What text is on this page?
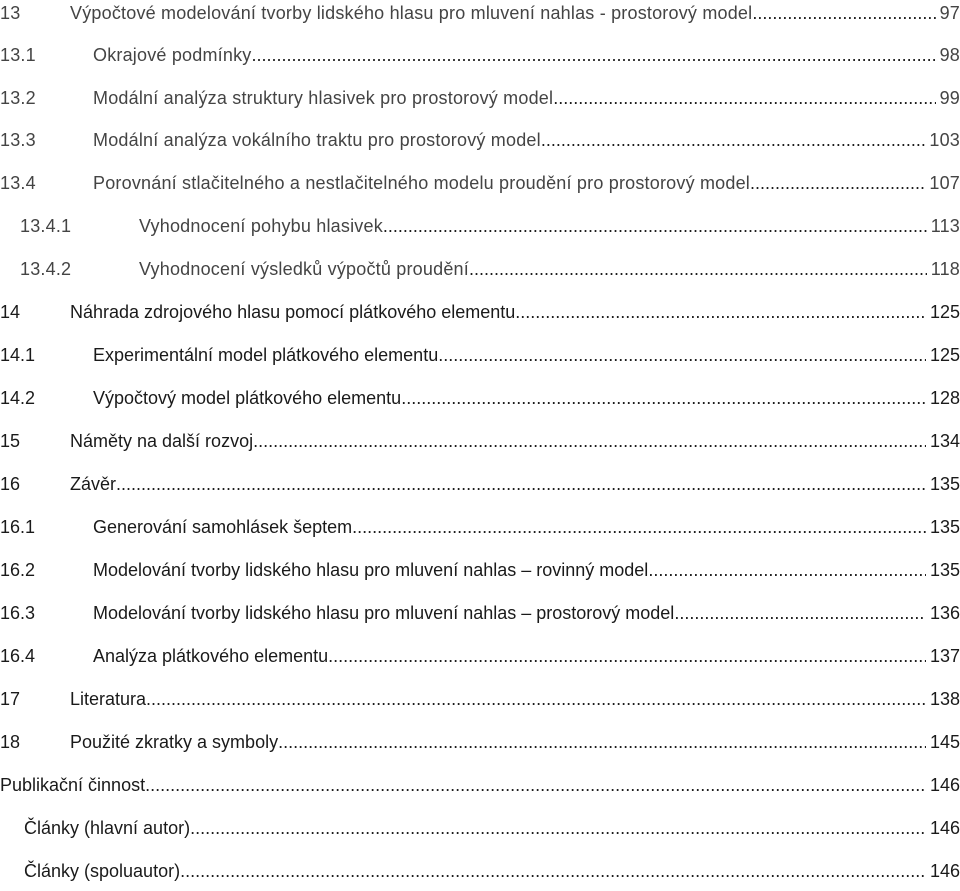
13	Výpočtové modelování tvorby lidského hlasu pro mluvení nahlas - prostorový model .....	97
13.1	Okrajové podmínky .....	98
13.2	Modální analýza struktury hlasivek pro prostorový model .....	99
13.3	Modální analýza vokálního traktu pro prostorový model .....	103
13.4	Porovnání stlačitelného a nestlačitelného modelu proudění pro prostorový model .....	107
13.4.1	Vyhodnocení pohybu hlasivek .....	113
13.4.2	Vyhodnocení výsledků výpočtů proudění .....	118
14	Náhrada zdrojového hlasu pomocí plátkového elementu .....	125
14.1	Experimentální model plátkového elementu .....	125
14.2	Výpočtový model plátkového elementu .....	128
15	Náměty na další rozvoj .....	134
16	Závěr .....	135
16.1	Generování samohlásek šeptem .....	135
16.2	Modelování tvorby lidského hlasu pro mluvení nahlas – rovinný model .....	135
16.3	Modelování tvorby lidského hlasu pro mluvení nahlas – prostorový model .....	136
16.4	Analýza plátkového elementu .....	137
17	Literatura .....	138
18	Použité zkratky a symboly .....	145
Publikační činnost .....	146
Články (hlavní autor) .....	146
Články (spoluautor) .....	146
